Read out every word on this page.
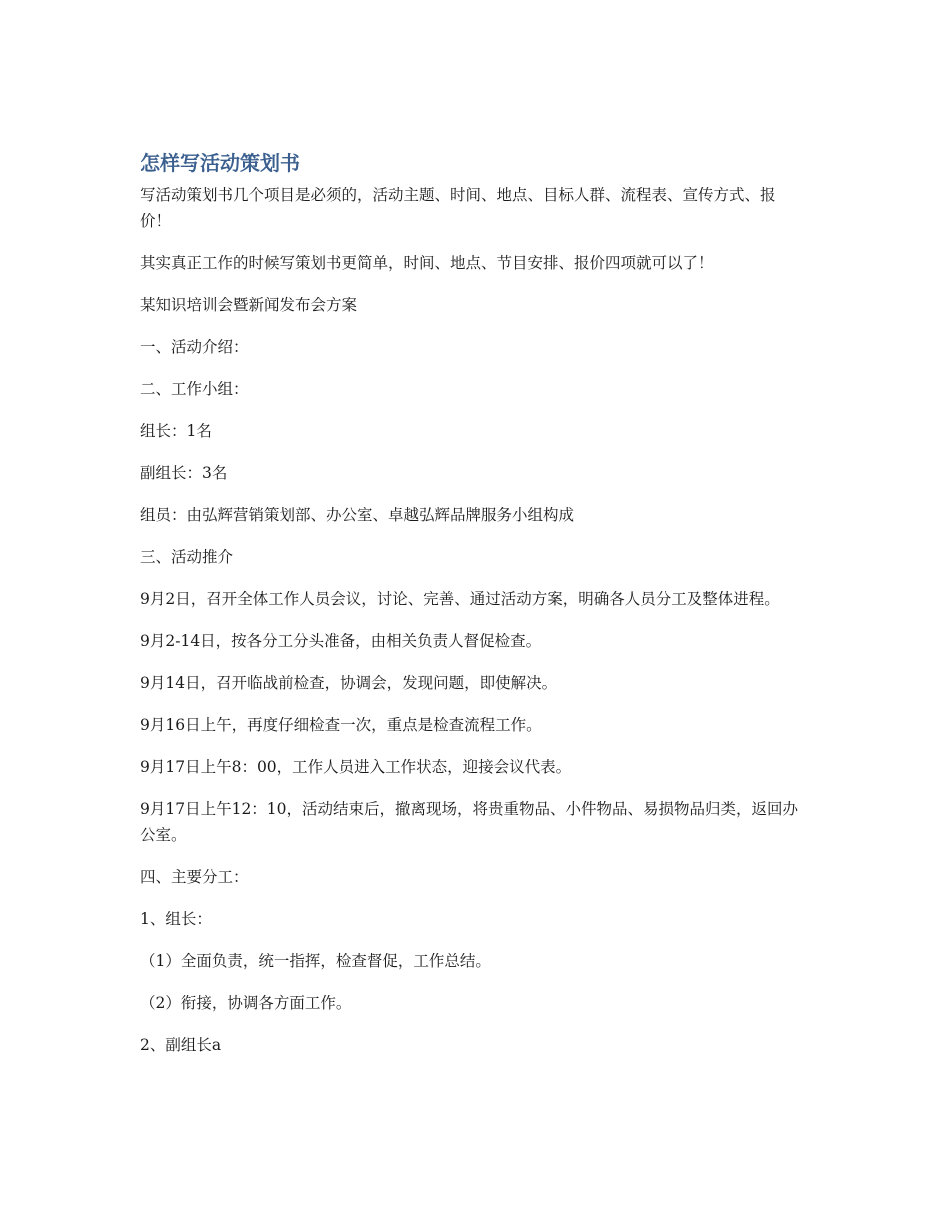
怎样写活动策划书

写活动策划书几个项目是必须的，活动主题、时间、地点、目标人群、流程表、宣传方式、报价！

其实真正工作的时候写策划书更简单，时间、地点、节目安排、报价四项就可以了！

某知识培训会暨新闻发布会方案

一、活动介绍：

二、工作小组：

组长：1名

副组长：3名

组员：由弘辉营销策划部、办公室、卓越弘辉品牌服务小组构成

三、活动推介

9月2日，召开全体工作人员会议，讨论、完善、通过活动方案，明确各人员分工及整体进程。

9月2-14日，按各分工分头准备，由相关负责人督促检查。

9月14日，召开临战前检查，协调会，发现问题，即使解决。

9月16日上午，再度仔细检查一次，重点是检查流程工作。

9月17日上午8：00，工作人员进入工作状态，迎接会议代表。

9月17日上午12：10，活动结束后，撤离现场，将贵重物品、小件物品、易损物品归类，返回办公室。

四、主要分工：

1、组长：

（1）全面负责，统一指挥，检查督促，工作总结。

（2）衔接，协调各方面工作。

2、副组长a
